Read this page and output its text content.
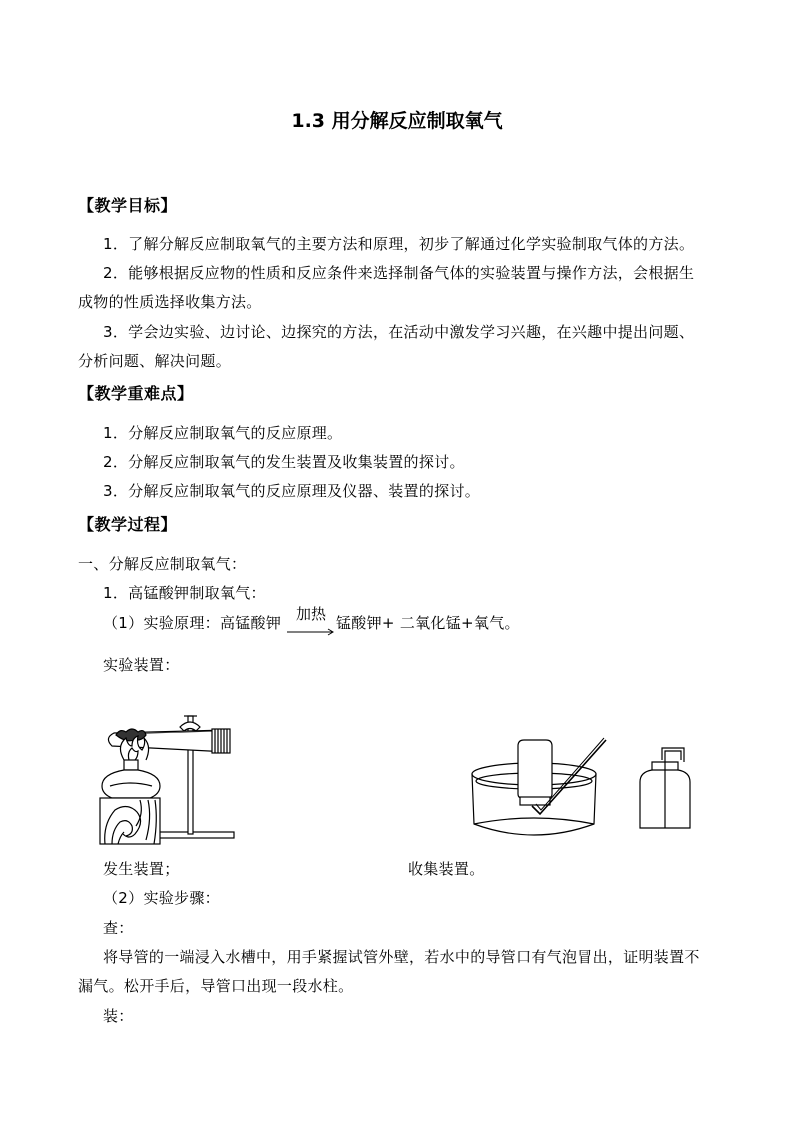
1.3 用分解反应制取氧气
【教学目标】
1．了解分解反应制取氧气的主要方法和原理，初步了解通过化学实验制取气体的方法。
2．能够根据反应物的性质和反应条件来选择制备气体的实验装置与操作方法，会根据生
成物的性质选择收集方法。
3．学会边实验、边讨论、边探究的方法，在活动中激发学习兴趣，在兴趣中提出问题、
分析问题、解决问题。
【教学重难点】
1．分解反应制取氧气的反应原理。
2．分解反应制取氧气的发生装置及收集装置的探讨。
3．分解反应制取氧气的反应原理及仪器、装置的探讨。
【教学过程】
一、分解反应制取氧气：
1．高锰酸钾制取氧气：
（1）实验原理：高锰酸钾 加热 → 锰酸钾+ 二氧化锰+氧气。
实验装置：
发生装置；	收集装置。
（2）实验步骤：
查：
将导管的一端浸入水槽中，用手紧握试管外壁，若水中的导管口有气泡冒出，证明装置不
漏气。松开手后，导管口出现一段水柱。
装：
